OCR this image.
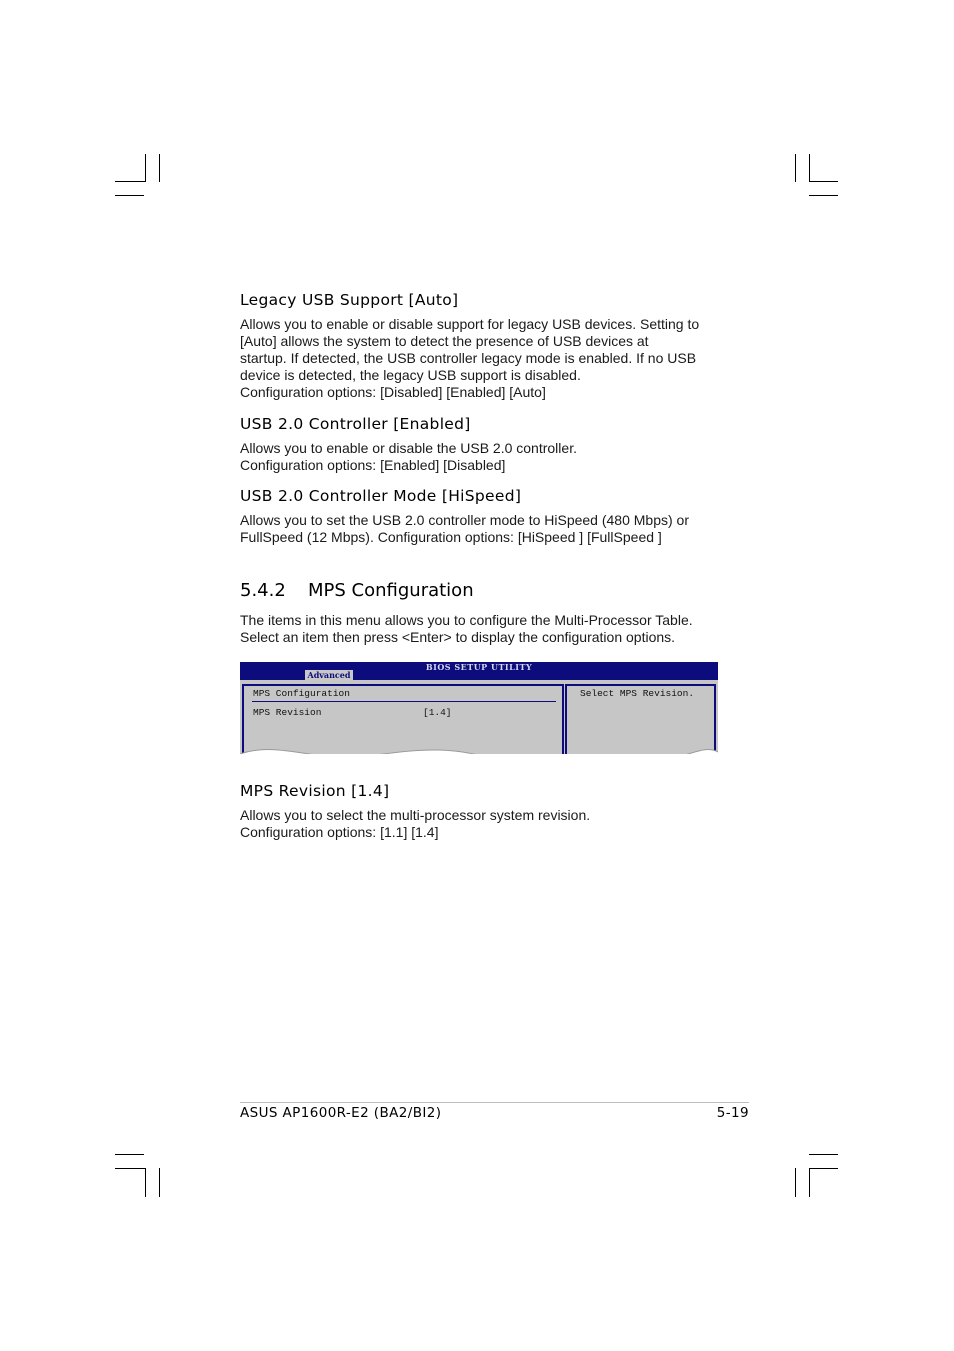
Legacy USB Support [Auto]

Allows you to enable or disable support for legacy USB devices. Setting to
[Auto] allows the system to detect the presence of USB devices at
startup. If detected, the USB controller legacy mode is enabled. If no USB
device is detected, the legacy USB support is disabled.
Configuration options: [Disabled] [Enabled] [Auto]

USB 2.0 Controller [Enabled]

Allows you to enable or disable the USB 2.0 controller.
Configuration options: [Enabled] [Disabled]

USB 2.0 Controller Mode [HiSpeed]

Allows you to set the USB 2.0 controller mode to HiSpeed (480 Mbps) or
FullSpeed (12 Mbps). Configuration options: [HiSpeed ] [FullSpeed ]

5.4.2 MPS Configuration

The items in this menu allows you to configure the Multi-Processor Table.
Select an item then press <Enter> to display the configuration options.

BIOS SETUP UTILITY
Advanced
MPS Configuration
MPS Revision	[1.4]
Select MPS Revision.
MPS Revision [1.4]

Allows you to select the multi-processor system revision.
Configuration options: [1.1] [1.4]

ASUS AP1600R-E2 (BA2/BI2)	5-19
